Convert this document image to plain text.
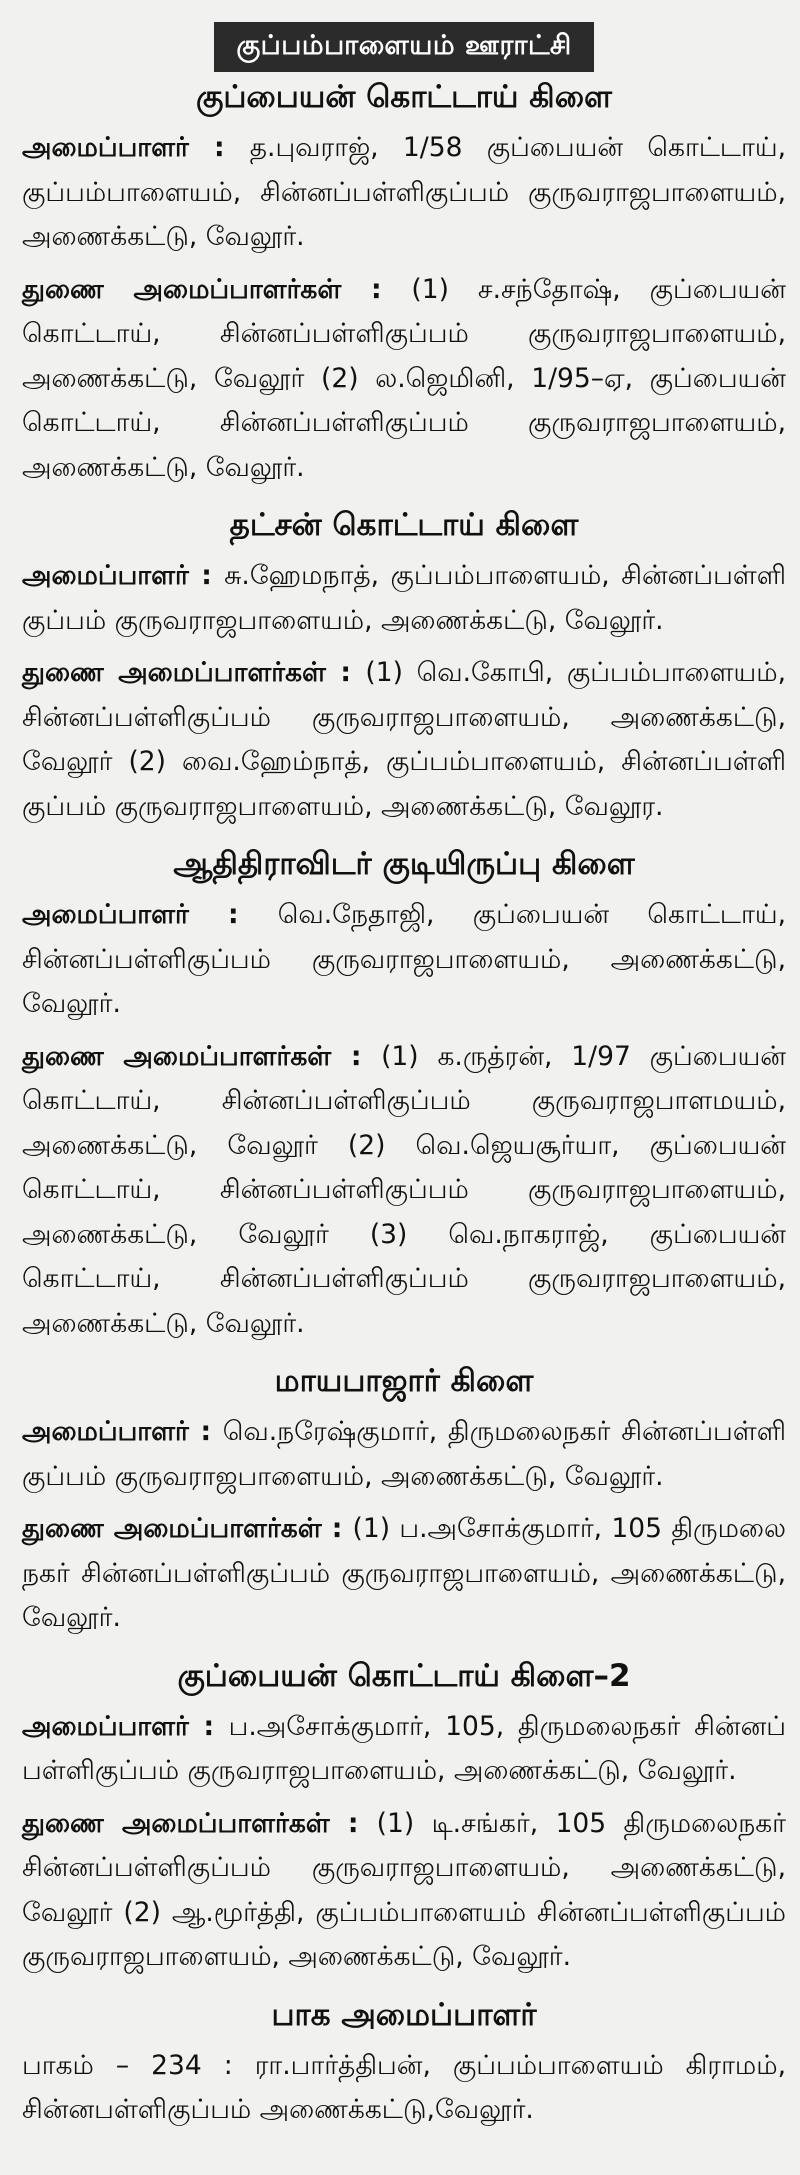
குப்பம்பாளையம் ஊராட்சி
குப்பையன் கொட்டாய் கிளை

அமைப்பாளர் : த.புவராஜ், 1/58 குப்பையன் கொட்டாய், குப்பம்பாளையம், சின்னப்பள்ளிகுப்பம் குருவராஜபாளையம், அணைக்கட்டு, வேலூர்.

துணை அமைப்பாளர்கள் : (1) ச.சந்தோஷ், குப்பையன் கொட்டாய், சின்னப்பள்ளிகுப்பம் குருவராஜபாளையம், அணைக்கட்டு, வேலூர் (2) ல.ஜெமினி, 1/95–ஏ, குப்பையன் கொட்டாய், சின்னப்பள்ளிகுப்பம் குருவராஜபாளையம், அணைக்கட்டு, வேலூர்.

தட்சன் கொட்டாய் கிளை

அமைப்பாளர் : சு.ஹேமநாத், குப்பம்பாளையம், சின்னப்பள்ளி குப்பம் குருவராஜபாளையம், அணைக்கட்டு, வேலூர்.

துணை அமைப்பாளர்கள் : (1) வெ.கோபி, குப்பம்பாளையம், சின்னப்பள்ளிகுப்பம் குருவராஜபாளையம், அணைக்கட்டு, வேலூர் (2) வை.ஹேம்நாத், குப்பம்பாளையம், சின்னப்பள்ளி குப்பம் குருவராஜபாளையம், அணைக்கட்டு, வேலூர.

ஆதிதிராவிடர் குடியிருப்பு கிளை

அமைப்பாளர் : வெ.நேதாஜி, குப்பையன் கொட்டாய், சின்னப்பள்ளிகுப்பம் குருவராஜபாளையம், அணைக்கட்டு, வேலூர்.

துணை அமைப்பாளர்கள் : (1) க.ருத்ரன், 1/97 குப்பையன் கொட்டாய், சின்னப்பள்ளிகுப்பம் குருவராஜபாளமயம், அணைக்கட்டு, வேலூர் (2) வெ.ஜெயசூர்யா, குப்பையன் கொட்டாய், சின்னப்பள்ளிகுப்பம் குருவராஜபாளையம், அணைக்கட்டு, வேலூர் (3) வெ.நாகராஜ், குப்பையன் கொட்டாய், சின்னப்பள்ளிகுப்பம் குருவராஜபாளையம், அணைக்கட்டு, வேலூர்.

மாயபாஜார் கிளை

அமைப்பாளர் : வெ.நரேஷ்குமார், திருமலைநகர் சின்னப்பள்ளி குப்பம் குருவராஜபாளையம், அணைக்கட்டு, வேலூர்.

துணை அமைப்பாளர்கள் : (1) ப.அசோக்குமார், 105 திருமலை நகர் சின்னப்பள்ளிகுப்பம் குருவராஜபாளையம், அணைக்கட்டு, வேலூர்.

குப்பையன் கொட்டாய் கிளை–2

அமைப்பாளர் : ப.அசோக்குமார், 105, திருமலைநகர் சின்னப் பள்ளிகுப்பம் குருவராஜபாளையம், அணைக்கட்டு, வேலூர்.

துணை அமைப்பாளர்கள் : (1) டி.சங்கர், 105 திருமலைநகர் சின்னப்பள்ளிகுப்பம் குருவராஜபாளையம், அணைக்கட்டு, வேலூர் (2) ஆ.மூர்த்தி, குப்பம்பாளையம் சின்னப்பள்ளிகுப்பம் குருவராஜபாளையம், அணைக்கட்டு, வேலூர்.

பாக அமைப்பாளர்

பாகம் – 234 : ரா.பார்த்திபன், குப்பம்பாளையம் கிராமம், சின்னபள்ளிகுப்பம் அணைக்கட்டு,வேலூர்.
